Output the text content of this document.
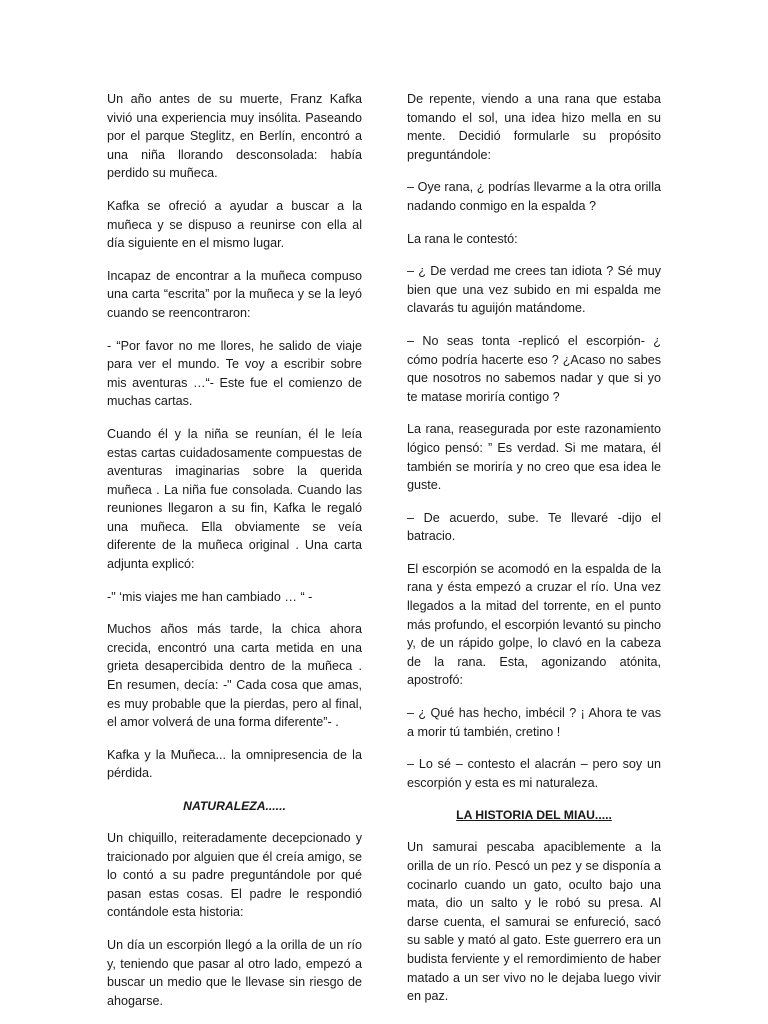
Un año antes de su muerte, Franz Kafka vivió una experiencia muy insólita. Paseando por el parque Steglitz, en Berlín, encontró a una niña llorando desconsolada: había perdido su muñeca.

Kafka se ofreció a ayudar a buscar a la muñeca y se dispuso a reunirse con ella al día siguiente en el mismo lugar.

Incapaz de encontrar a la muñeca compuso una carta “escrita” por la muñeca y se la leyó cuando se reencontraron:

- “Por favor no me llores, he salido de viaje para ver el mundo. Te voy a escribir sobre mis aventuras …“- Este fue el comienzo de muchas cartas.

Cuando él y la niña se reunían, él le leía estas cartas cuidadosamente compuestas de aventuras imaginarias sobre la querida muñeca . La niña fue consolada. Cuando las reuniones llegaron a su fin, Kafka le regaló una muñeca. Ella obviamente se veía diferente de la muñeca original . Una carta adjunta explicó:

-" ‘mis viajes me han cambiado … “ -

Muchos años más tarde, la chica ahora crecida, encontró una carta metida en una grieta desapercibida dentro de la muñeca . En resumen, decía: -" Cada cosa que amas, es muy probable que la pierdas, pero al final, el amor volverá de una forma diferente”- .

Kafka y la Muñeca... la omnipresencia de la pérdida.

NATURALEZA......

Un chiquillo, reiteradamente decepcionado y traicionado por alguien que él creía amigo, se lo contó a su padre preguntándole por qué pasan estas cosas. El padre le respondió contándole esta historia:

Un día un escorpión llegó a la orilla de un río y, teniendo que pasar al otro lado, empezó a buscar un medio que le llevase sin riesgo de ahogarse.

De repente, viendo a una rana que estaba tomando el sol, una idea hizo mella en su mente. Decidió formularle su propósito preguntándole:

– Oye rana, ¿ podrías llevarme a la otra orilla nadando conmigo en la espalda ?

La rana le contestó:

– ¿ De verdad me crees tan idiota ? Sé muy bien que una vez subido en mi espalda me clavarás tu aguijón matándome.

– No seas tonta -replicó el escorpión- ¿ cómo podría hacerte eso ? ¿Acaso no sabes que nosotros no sabemos nadar y que si yo te matase moriría contigo ?

La rana, reasegurada por este razonamiento lógico pensó: ” Es verdad. Si me matara, él también se moriría y no creo que esa idea le guste.

– De acuerdo, sube. Te llevaré -dijo el batracio.

El escorpión se acomodó en la espalda de la rana y ésta empezó a cruzar el río. Una vez llegados a la mitad del torrente, en el punto más profundo, el escorpión levantó su pincho y, de un rápido golpe, lo clavó en la cabeza de la rana. Esta, agonizando atónita, apostrofó:

– ¿ Qué has hecho, imbécil ? ¡ Ahora te vas a morir tú también, cretino !

– Lo sé – contesto el alacrán – pero soy un escorpión y esta es mi naturaleza.

LA HISTORIA DEL MIAU.....

Un samurai pescaba apaciblemente a la orilla de un río. Pescó un pez y se disponía a cocinarlo cuando un gato, oculto bajo una mata, dio un salto y le robó su presa. Al darse cuenta, el samurai se enfureció, sacó su sable y mató al gato. Este guerrero era un budista ferviente y el remordimiento de haber matado a un ser vivo no le dejaba luego vivir en paz.
